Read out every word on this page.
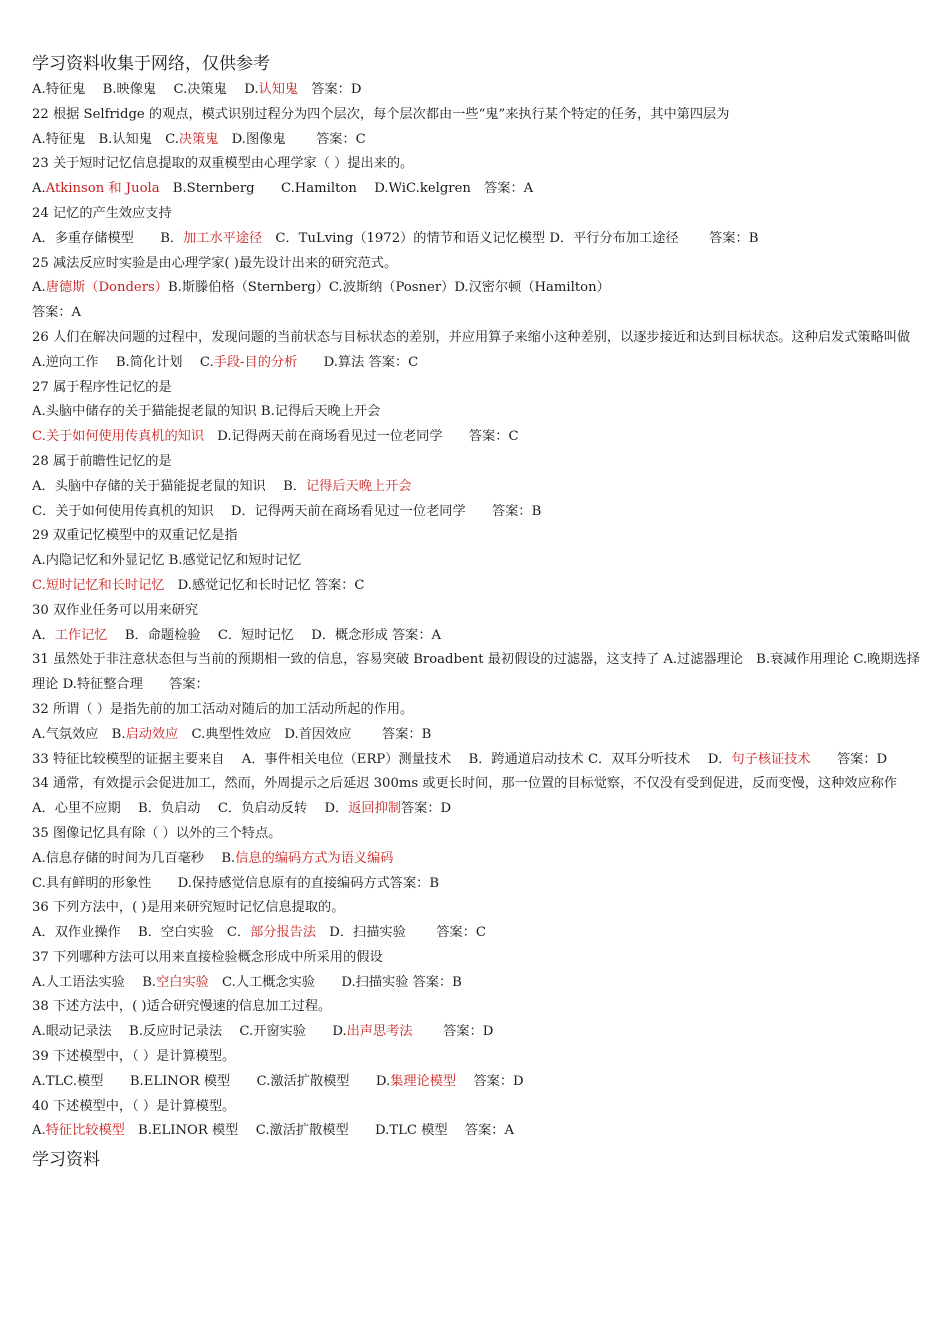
学习资料收集于网络，仅供参考
A.特征鬼　 B.映像鬼　 C.决策鬼　 D.认知鬼　答案：D
22 根据 Selfridge 的观点，模式识别过程分为四个层次，每个层次都由一些“鬼”来执行某个特定的任务，其中第四层为
A.特征鬼　B.认知鬼　C.决策鬼　D.图像鬼　　 答案：C
23 关于短时记忆信息提取的双重模型由心理学家（ ）提出来的。
A.Atkinson 和 Juola　B.Sternberg　　C.Hamilton　 D.WiC.kelgren　答案：A
24 记忆的产生效应支持
A．多重存储模型　　B．加工水平途径　C．TuLving（1972）的情节和语义记忆模型 D．平行分布加工途径　　 答案：B
25 减法反应时实验是由心理学家( )最先设计出来的研究范式。
A.唐德斯（Donders）B.斯滕伯格（Sternberg）C.波斯纳（Posner）D.汉密尔顿（Hamilton）
答案：A
26 人们在解决问题的过程中，发现问题的当前状态与目标状态的差别，并应用算子来缩小这种差别，以逐步接近和达到目标状态。这种启发式策略叫做
A.逆向工作　 B.简化计划　 C.手段-目的分析　　D.算法 答案：C
27 属于程序性记忆的是
A.头脑中储存的关于猫能捉老鼠的知识 B.记得后天晚上开会
C.关于如何使用传真机的知识　D.记得两天前在商场看见过一位老同学　　答案：C
28 属于前瞻性记忆的是
A．头脑中存储的关于猫能捉老鼠的知识　 B．记得后天晚上开会
C．关于如何使用传真机的知识　 D．记得两天前在商场看见过一位老同学　　答案：B
29 双重记忆模型中的双重记忆是指
A.内隐记忆和外显记忆 B.感觉记忆和短时记忆
C.短时记忆和长时记忆　D.感觉记忆和长时记忆 答案：C
30 双作业任务可以用来研究
A．工作记忆　 B．命题检验　 C．短时记忆　 D．概念形成 答案：A
31 虽然处于非注意状态但与当前的预期相一致的信息，容易突破 Broadbent 最初假设的过滤器，这支持了 A.过滤器理论　B.衰减作用理论 C.晚期选择理论 D.特征整合理　　答案：
32 所谓（ ）是指先前的加工活动对随后的加工活动所起的作用。
A.气氛效应　B.启动效应　C.典型性效应　D.首因效应　　 答案：B
33 特征比较模型的证据主要来自　 A．事件相关电位（ERP）测量技术　 B．跨通道启动技术 C．双耳分听技术　 D．句子核证技术　　答案：D
34 通常，有效提示会促进加工，然而，外周提示之后延迟 300ms 或更长时间，那一位置的目标觉察，不仅没有受到促进，反而变慢，这种效应称作
A．心里不应期　 B．负启动　 C．负启动反转　 D．返回抑制答案：D
35 图像记忆具有除（ ）以外的三个特点。
A.信息存储的时间为几百毫秒　 B.信息的编码方式为语义编码
C.具有鲜明的形象性　　D.保持感觉信息原有的直接编码方式答案：B
36 下列方法中，( )是用来研究短时记忆信息提取的。
A．双作业操作　 B．空白实验　C．部分报告法　D．扫描实验　　 答案：C
37 下列哪种方法可以用来直接检验概念形成中所采用的假设
A.人工语法实验　 B.空白实验　C.人工概念实验　　D.扫描实验 答案：B
38 下述方法中，( )适合研究慢速的信息加工过程。
A.眼动记录法　 B.反应时记录法　 C.开窗实验　　D.出声思考法　　 答案：D
39 下述模型中，（ ）是计算模型。
A.TLC.模型　　B.ELINOR 模型　　C.激活扩散模型　　D.集理论模型　 答案：D
40 下述模型中，（ ）是计算模型。
A.特征比较模型　B.ELINOR 模型　 C.激活扩散模型　　D.TLC 模型　 答案：A
学习资料
